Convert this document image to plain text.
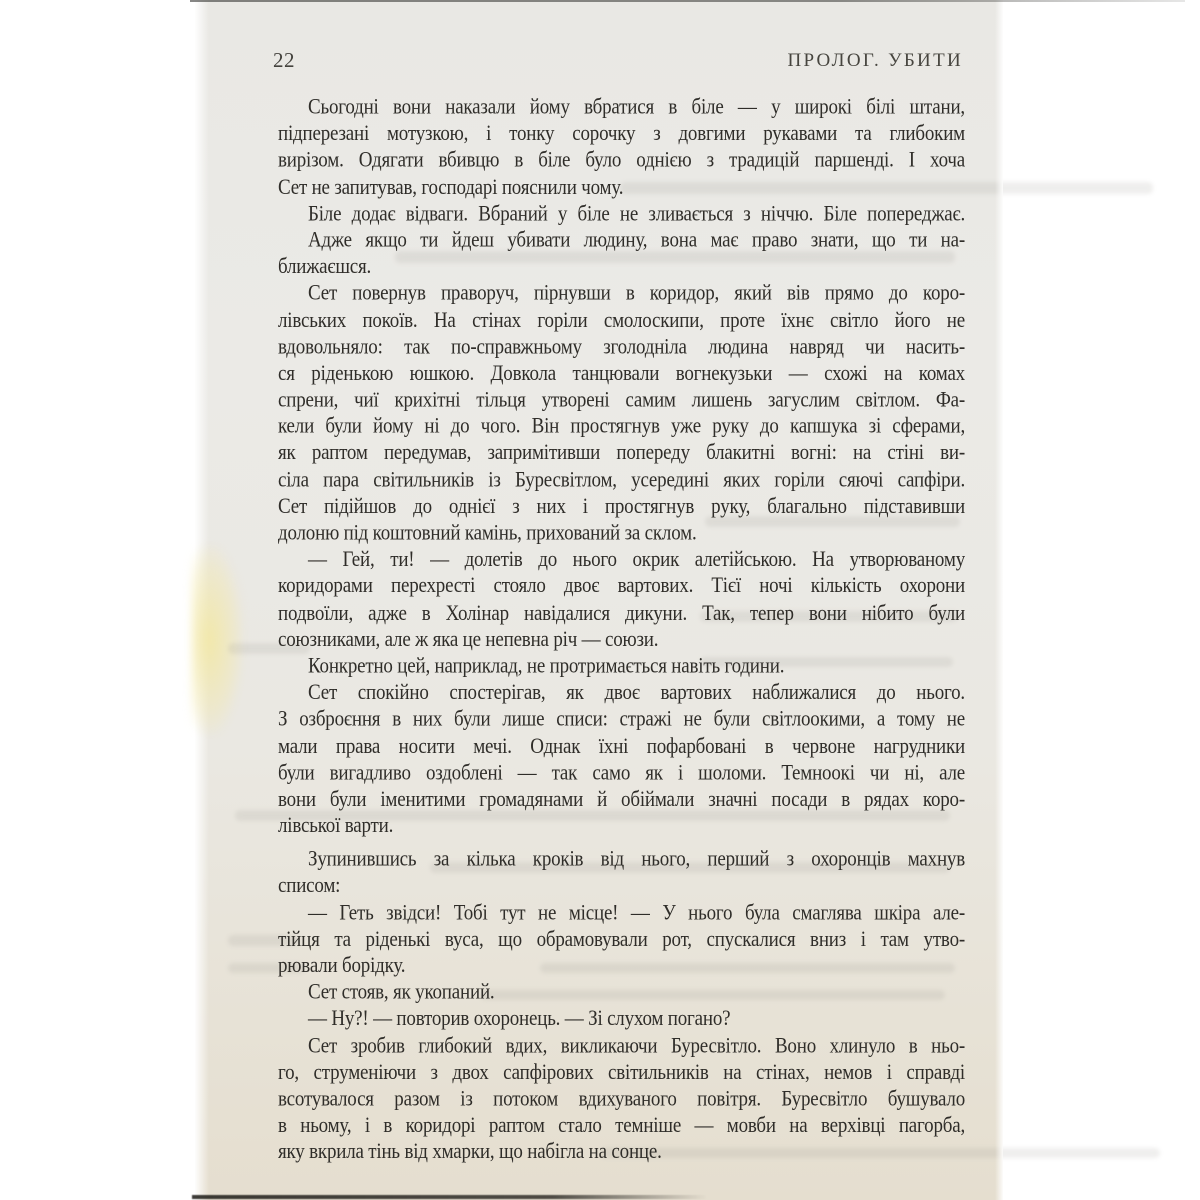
22	ПРОЛОГ. УБИТИ
Сьогодні вони наказали йому вбратися в біле — у широкі білі штани,
підперезані мотузкою, і тонку сорочку з довгими рукавами та глибоким
вирізом. Одягати вбивцю в біле було однією з традицій паршенді. І хоча
Сет не запитував, господарі пояснили чому.
Біле додає відваги. Вбраний у біле не зливається з ніччю. Біле попереджає.
Адже якщо ти йдеш убивати людину, вона має право знати, що ти на-
ближаєшся.
Сет повернув праворуч, пірнувши в коридор, який вів прямо до коро-
лівських покоїв. На стінах горіли смолоскипи, проте їхнє світло його не
вдовольняло: так по-справжньому зголодніла людина навряд чи насить-
ся ріденькою юшкою. Довкола танцювали вогнекузьки — схожі на комах
спрени, чиї крихітні тільця утворені самим лишень загуслим світлом. Фа-
кели були йому ні до чого. Він простягнув уже руку до капшука зі сферами,
як раптом передумав, запримітивши попереду блакитні вогні: на стіні ви-
сіла пара світильників із Буресвітлом, усередині яких горіли сяючі сапфіри.
Сет підійшов до однієї з них і простягнув руку, благально підставивши
долоню під коштовний камінь, прихований за склом.
— Гей, ти! — долетів до нього окрик алетійською. На утворюваному
коридорами перехресті стояло двоє вартових. Тієї ночі кількість охорони
подвоїли, адже в Холінар навідалися дикуни. Так, тепер вони нібито були
союзниками, але ж яка це непевна річ — союзи.
Конкретно цей, наприклад, не протримається навіть години.
Сет спокійно спостерігав, як двоє вартових наближалися до нього.
З озброєння в них були лише списи: стражі не були світлоокими, а тому не
мали права носити мечі. Однак їхні пофарбовані в червоне нагрудники
були вигадливо оздоблені — так само як і шоломи. Темноокі чи ні, але
вони були іменитими громадянами й обіймали значні посади в рядах коро-
лівської варти.
Зупинившись за кілька кроків від нього, перший з охоронців махнув
списом:
— Геть звідси! Тобі тут не місце! — У нього була смаглява шкіра але-
тійця та ріденькі вуса, що обрамовували рот, спускалися вниз і там утво-
рювали борідку.
Сет стояв, як укопаний.
— Ну?! — повторив охоронець. — Зі слухом погано?
Сет зробив глибокий вдих, викликаючи Буресвітло. Воно хлинуло в ньо-
го, струменіючи з двох сапфірових світильників на стінах, немов і справді
всотувалося разом із потоком вдихуваного повітря. Буресвітло бушувало
в ньому, і в коридорі раптом стало темніше — мовби на верхівці пагорба,
яку вкрила тінь від хмарки, що набігла на сонце.
